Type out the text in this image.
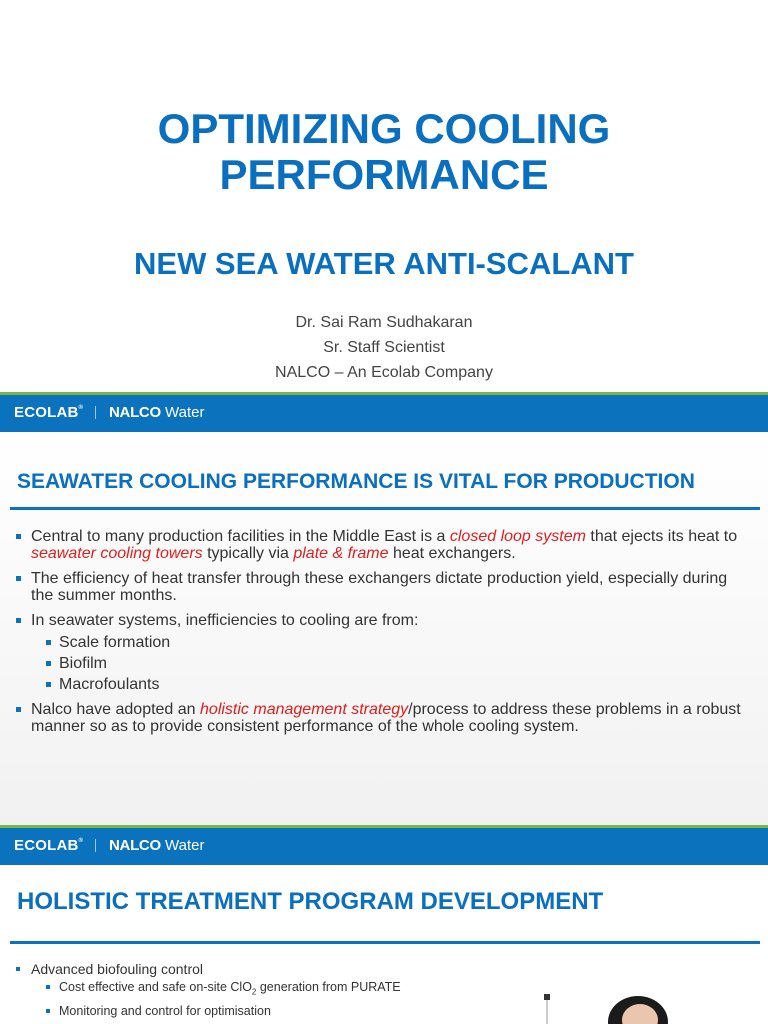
OPTIMIZING COOLING
PERFORMANCE
NEW SEA WATER ANTI-SCALANT
Dr. Sai Ram Sudhakaran
Sr. Staff Scientist
NALCO – An Ecolab Company
ECOLAB® NALCO Water
SEAWATER COOLING PERFORMANCE IS VITAL FOR PRODUCTION
Central to many production facilities in the Middle East is a closed loop system that ejects its heat to seawater cooling towers typically via plate & frame heat exchangers.
The efficiency of heat transfer through these exchangers dictate production yield, especially during the summer months.
In seawater systems, inefficiencies to cooling are from:
Scale formation
Biofilm
Macrofoulants
Nalco have adopted an holistic management strategy/process to address these problems in a robust manner so as to provide consistent performance of the whole cooling system.
ECOLAB® NALCO Water
HOLISTIC TREATMENT PROGRAM DEVELOPMENT
Advanced biofouling control
Cost effective and safe on-site ClO$_2$ generation from PURATE
Monitoring and control for optimisation
